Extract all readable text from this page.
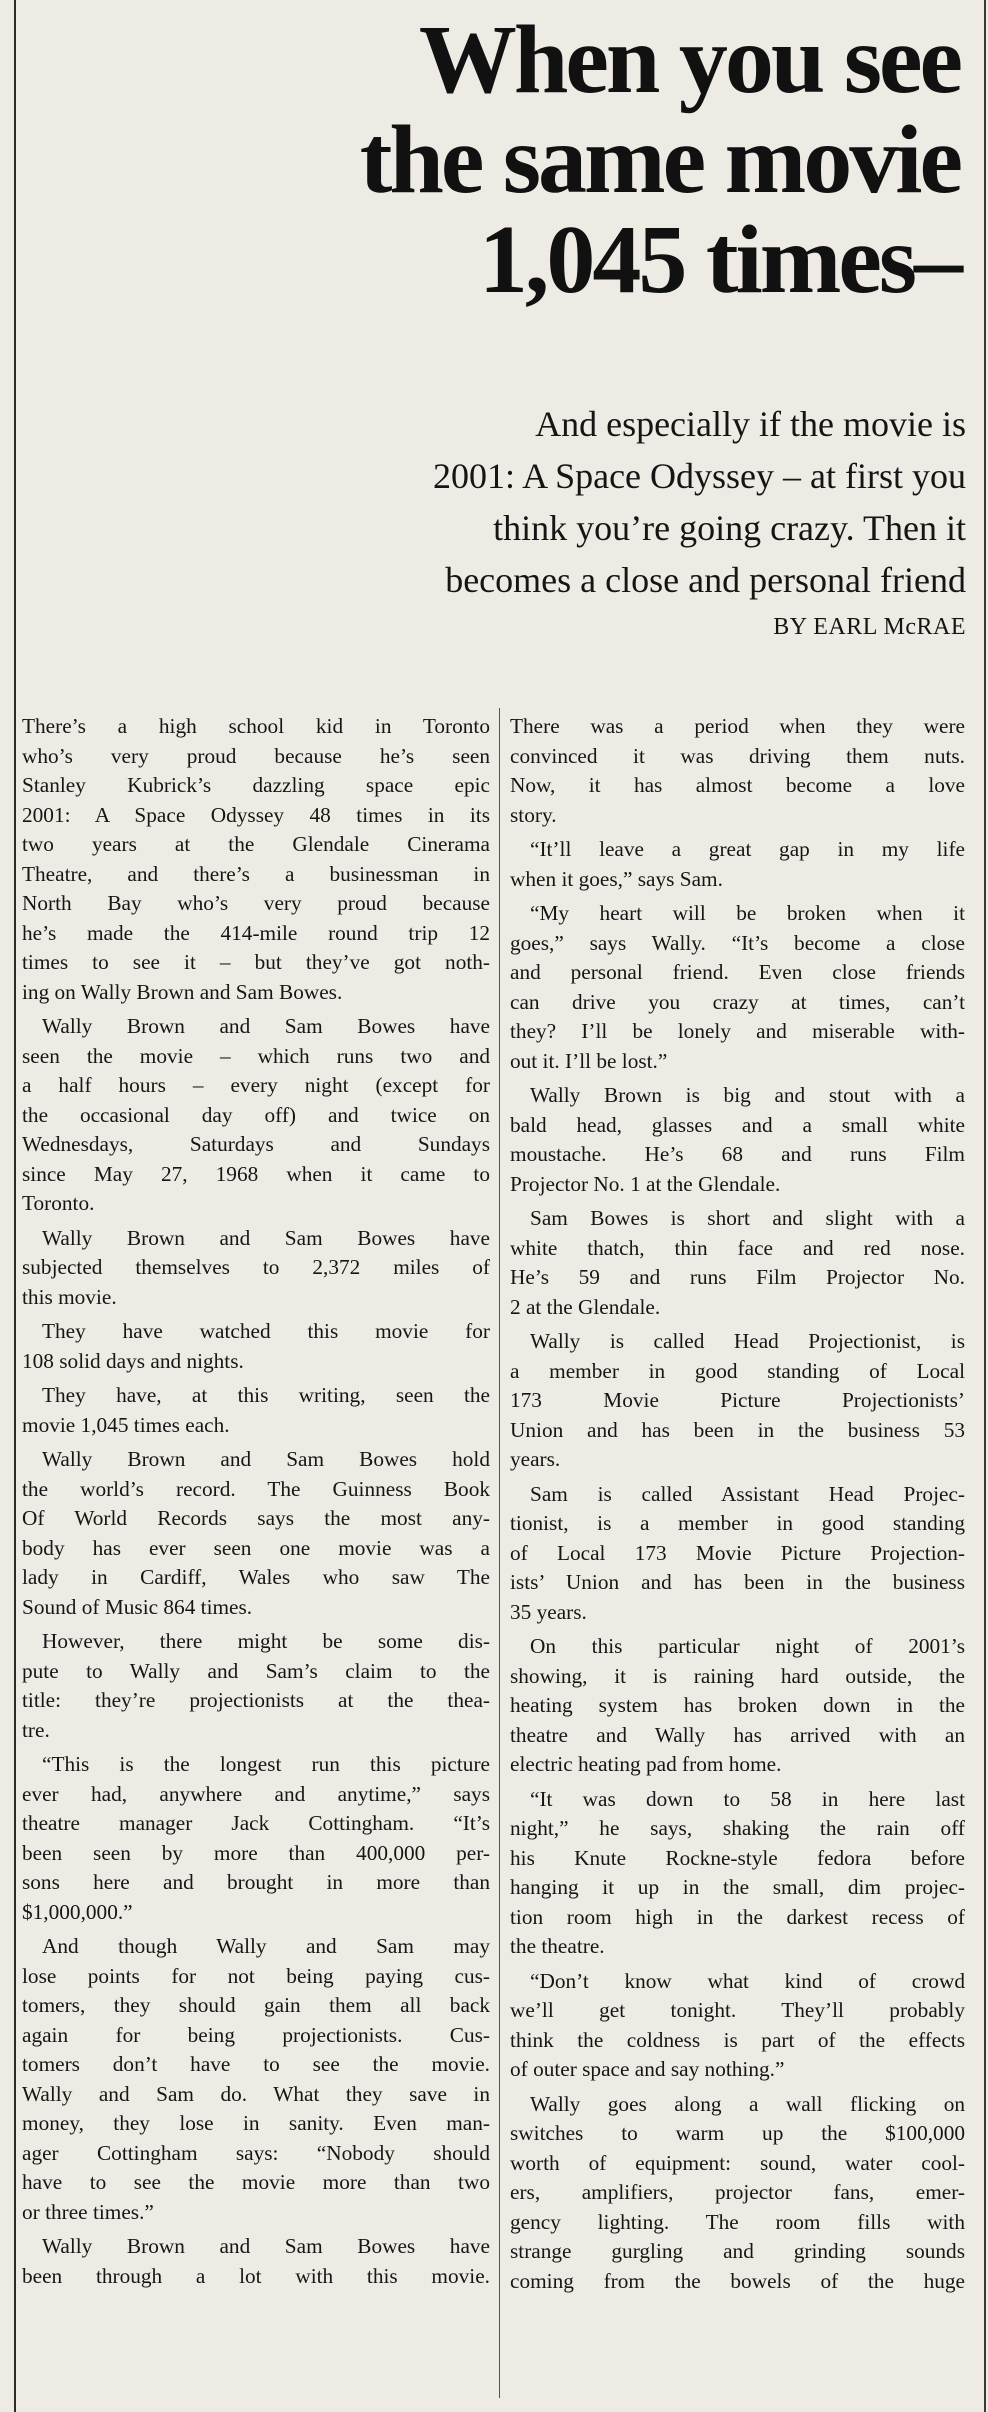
When you see
the same movie
1,045 times–
And especially if the movie is
2001: A Space Odyssey – at first you
think you’re going crazy. Then it
becomes a close and personal friend
BY EARL McRAE

There’s a high school kid in Toronto
who’s very proud because he’s seen
Stanley Kubrick’s dazzling space epic
2001: A Space Odyssey 48 times in its
two years at the Glendale Cinerama
Theatre, and there’s a businessman in
North Bay who’s very proud because
he’s made the 414-mile round trip 12
times to see it – but they’ve got noth-
ing on Wally Brown and Sam Bowes.

Wally Brown and Sam Bowes have
seen the movie – which runs two and
a half hours – every night (except for
the occasional day off) and twice on
Wednesdays, Saturdays and Sundays
since May 27, 1968 when it came to
Toronto.

Wally Brown and Sam Bowes have
subjected themselves to 2,372 miles of
this movie.

They have watched this movie for
108 solid days and nights.

They have, at this writing, seen the
movie 1,045 times each.

Wally Brown and Sam Bowes hold
the world’s record. The Guinness Book
Of World Records says the most any-
body has ever seen one movie was a
lady in Cardiff, Wales who saw The
Sound of Music 864 times.

However, there might be some dis-
pute to Wally and Sam’s claim to the
title: they’re projectionists at the thea-
tre.

“This is the longest run this picture
ever had, anywhere and anytime,” says
theatre manager Jack Cottingham. “It’s
been seen by more than 400,000 per-
sons here and brought in more than
$1,000,000.”

And though Wally and Sam may
lose points for not being paying cus-
tomers, they should gain them all back
again for being projectionists. Cus-
tomers don’t have to see the movie.
Wally and Sam do. What they save in
money, they lose in sanity. Even man-
ager Cottingham says: “Nobody should
have to see the movie more than two
or three times.”

Wally Brown and Sam Bowes have
been through a lot with this movie.

There was a period when they were
convinced it was driving them nuts.
Now, it has almost become a love
story.

“It’ll leave a great gap in my life
when it goes,” says Sam.

“My heart will be broken when it
goes,” says Wally. “It’s become a close
and personal friend. Even close friends
can drive you crazy at times, can’t
they? I’ll be lonely and miserable with-
out it. I’ll be lost.”

Wally Brown is big and stout with a
bald head, glasses and a small white
moustache. He’s 68 and runs Film
Projector No. 1 at the Glendale.

Sam Bowes is short and slight with a
white thatch, thin face and red nose.
He’s 59 and runs Film Projector No.
2 at the Glendale.

Wally is called Head Projectionist, is
a member in good standing of Local
173 Movie Picture Projectionists’
Union and has been in the business 53
years.

Sam is called Assistant Head Projec-
tionist, is a member in good standing
of Local 173 Movie Picture Projection-
ists’ Union and has been in the business
35 years.

On this particular night of 2001’s
showing, it is raining hard outside, the
heating system has broken down in the
theatre and Wally has arrived with an
electric heating pad from home.

“It was down to 58 in here last
night,” he says, shaking the rain off
his Knute Rockne-style fedora before
hanging it up in the small, dim projec-
tion room high in the darkest recess of
the theatre.

“Don’t know what kind of crowd
we’ll get tonight. They’ll probably
think the coldness is part of the effects
of outer space and say nothing.”

Wally goes along a wall flicking on
switches to warm up the $100,000
worth of equipment: sound, water cool-
ers, amplifiers, projector fans, emer-
gency lighting. The room fills with
strange gurgling and grinding sounds
coming from the bowels of the huge
